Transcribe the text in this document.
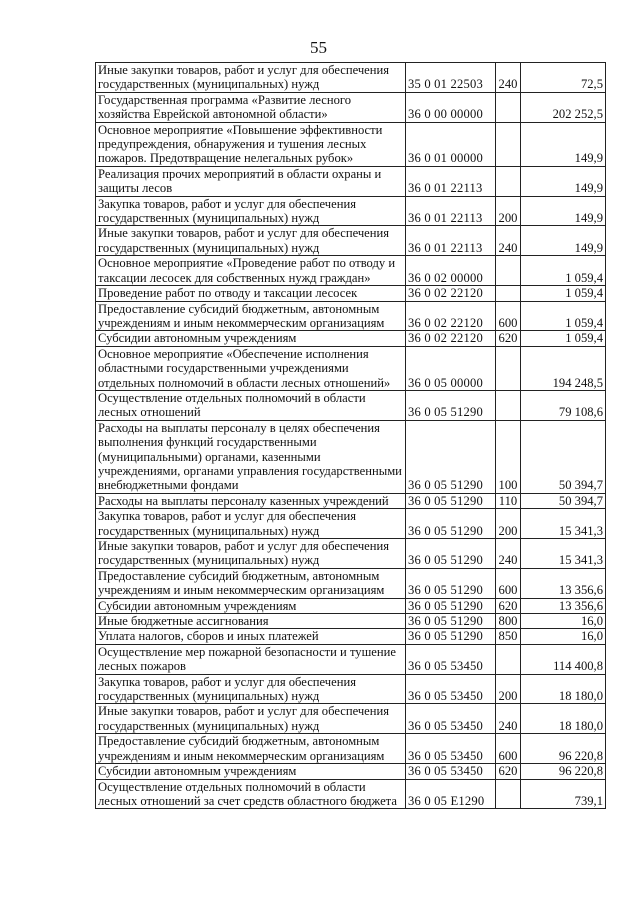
55
Иные закупки товаров, работ и услуг для обеспечения государственных (муниципальных) нужд	35 0 01 22503	240	72,5
Государственная программа «Развитие лесного хозяйства Еврейской автономной области»	36 0 00 00000		202 252,5
Основное мероприятие «Повышение эффективности предупреждения, обнаружения и тушения лесных пожаров. Предотвращение нелегальных рубок»	36 0 01 00000		149,9
Реализация прочих мероприятий в области охраны и защиты лесов	36 0 01 22113		149,9
Закупка товаров, работ и услуг для обеспечения государственных (муниципальных) нужд	36 0 01 22113	200	149,9
Иные закупки товаров, работ и услуг для обеспечения государственных (муниципальных) нужд	36 0 01 22113	240	149,9
Основное мероприятие «Проведение работ по отводу и таксации лесосек для собственных нужд граждан»	36 0 02 00000		1 059,4
Проведение работ по отводу и таксации лесосек	36 0 02 22120		1 059,4
Предоставление субсидий бюджетным, автономным учреждениям и иным некоммерческим организациям	36 0 02 22120	600	1 059,4
Субсидии автономным учреждениям	36 0 02 22120	620	1 059,4
Основное мероприятие «Обеспечение исполнения областными государственными учреждениями отдельных полномочий в области лесных отношений»	36 0 05 00000		194 248,5
Осуществление отдельных полномочий в области лесных отношений	36 0 05 51290		79 108,6
Расходы на выплаты персоналу в целях обеспечения выполнения функций государственными (муниципальными) органами, казенными учреждениями, органами управления государственными внебюджетными фондами	36 0 05 51290	100	50 394,7
Расходы на выплаты персоналу казенных учреждений	36 0 05 51290	110	50 394,7
Закупка товаров, работ и услуг для обеспечения государственных (муниципальных) нужд	36 0 05 51290	200	15 341,3
Иные закупки товаров, работ и услуг для обеспечения государственных (муниципальных) нужд	36 0 05 51290	240	15 341,3
Предоставление субсидий бюджетным, автономным учреждениям и иным некоммерческим организациям	36 0 05 51290	600	13 356,6
Субсидии автономным учреждениям	36 0 05 51290	620	13 356,6
Иные бюджетные ассигнования	36 0 05 51290	800	16,0
Уплата налогов, сборов и иных платежей	36 0 05 51290	850	16,0
Осуществление мер пожарной безопасности и тушение лесных пожаров	36 0 05 53450		114 400,8
Закупка товаров, работ и услуг для обеспечения государственных (муниципальных) нужд	36 0 05 53450	200	18 180,0
Иные закупки товаров, работ и услуг для обеспечения государственных (муниципальных) нужд	36 0 05 53450	240	18 180,0
Предоставление субсидий бюджетным, автономным учреждениям и иным некоммерческим организациям	36 0 05 53450	600	96 220,8
Субсидии автономным учреждениям	36 0 05 53450	620	96 220,8
Осуществление отдельных полномочий в области лесных отношений за счет средств областного бюджета	36 0 05 Е1290		739,1
